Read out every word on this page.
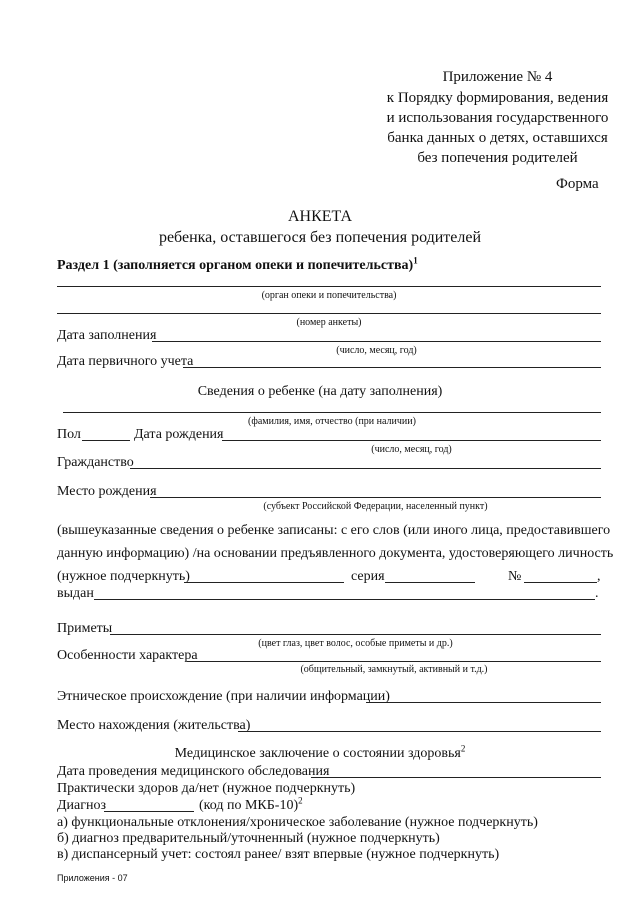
Приложение № 4
к Порядку формирования, ведения
и использования государственного
банка данных о детях, оставшихся
без попечения родителей
Форма
АНКЕТА
ребенка, оставшегося без попечения родителей
Раздел 1 (заполняется органом опеки и попечительства)$^1$
(орган опеки и попечительства)
(номер анкеты)
Дата заполнения
(число, месяц, год)
Дата первичного учета
Сведения о ребенке (на дату заполнения)
(фамилия, имя, отчество (при наличии)
Пол	Дата рождения
(число, месяц, год)
Гражданство
Место рождения
(субъект Российской Федерации, населенный пункт)
(вышеуказанные сведения о ребенке записаны: с его слов (или иного лица, предоставившего
данную информацию) /на основании предъявленного документа, удостоверяющего личность
(нужное подчеркнуть)	серия	№	,
выдан	.
Приметы
(цвет глаз, цвет волос, особые приметы и др.)
Особенности характера
(общительный, замкнутый, активный и т.д.)
Этническое происхождение (при наличии информации)
Место нахождения (жительства)
Медицинское заключение о состоянии здоровья$^2$
Дата проведения медицинского обследования
Практически здоров да/нет (нужное подчеркнуть)
Диагноз	(код по МКБ-10)$^2$
а) функциональные отклонения/хроническое заболевание (нужное подчеркнуть)
б) диагноз предварительный/уточненный (нужное подчеркнуть)
в) диспансерный учет: состоял ранее/ взят впервые (нужное подчеркнуть)
Приложения - 07
